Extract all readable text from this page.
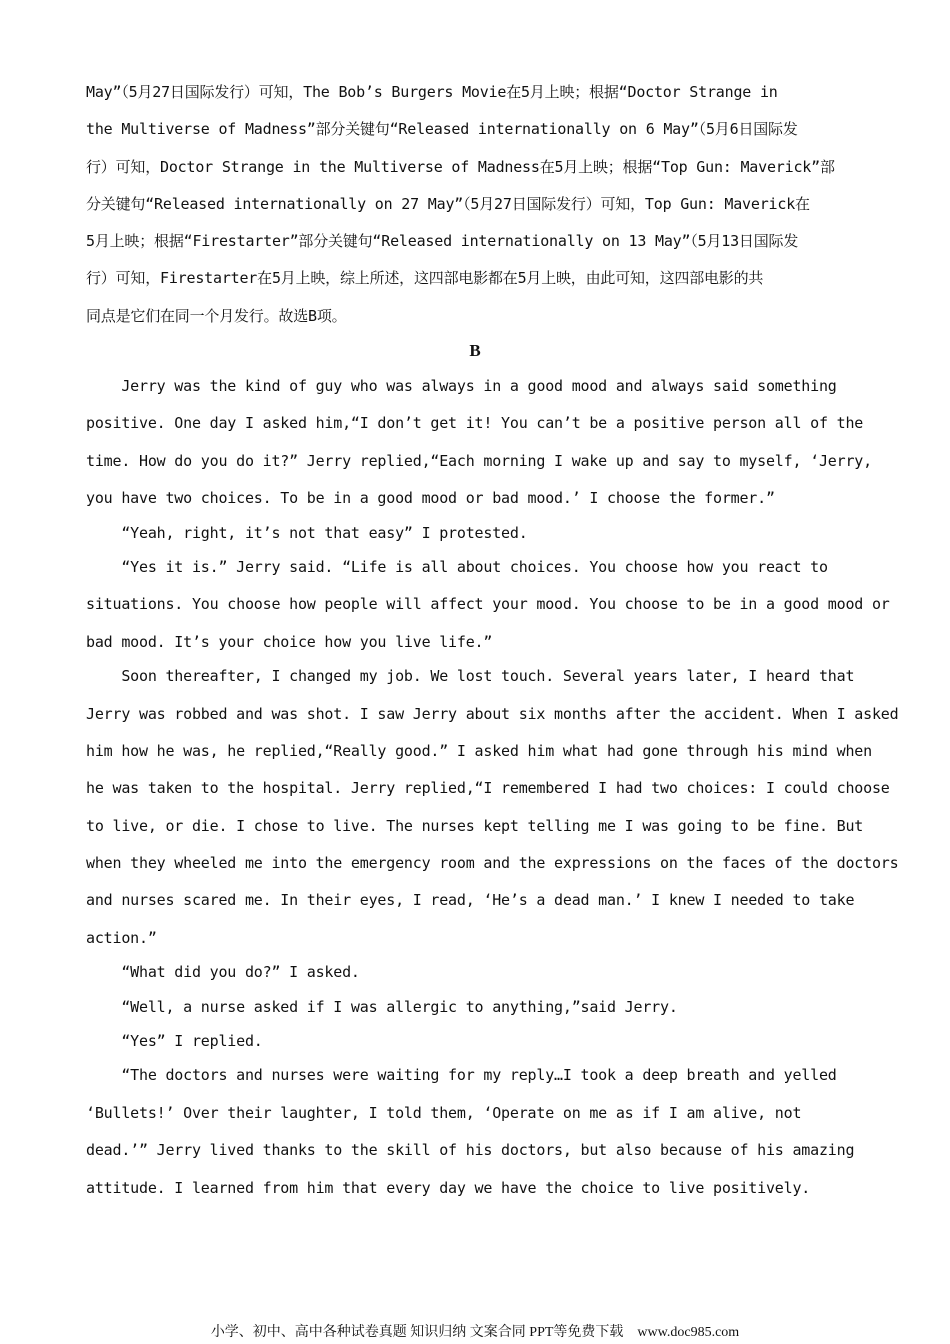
May”（5月27日国际发行）可知，The Bob’s Burgers Movie在5月上映；根据“Doctor Strange in
the Multiverse of Madness”部分关键句“Released internationally on 6 May”（5月6日国际发
行）可知，Doctor Strange in the Multiverse of Madness在5月上映；根据“Top Gun: Maverick”部
分关键句“Released internationally on 27 May”（5月27日国际发行）可知，Top Gun: Maverick在
5月上映；根据“Firestarter”部分关键句“Released internationally on 13 May”（5月13日国际发
行）可知，Firestarter在5月上映，综上所述，这四部电影都在5月上映，由此可知，这四部电影的共
同点是它们在同一个月发行。故选B项。
B
Jerry was the kind of guy who was always in a good mood and always said something
positive. One day I asked him,“I don’t get it! You can’t be a positive person all of the
time. How do you do it?” Jerry replied,“Each morning I wake up and say to myself, ‘Jerry,
you have two choices. To be in a good mood or bad mood.’ I choose the former.”
“Yeah, right, it’s not that easy” I protested.
“Yes it is.” Jerry said. “Life is all about choices. You choose how you react to
situations. You choose how people will affect your mood. You choose to be in a good mood or
bad mood. It’s your choice how you live life.”
Soon thereafter, I changed my job. We lost touch. Several years later, I heard that
Jerry was robbed and was shot. I saw Jerry about six months after the accident. When I asked
him how he was, he replied,“Really good.” I asked him what had gone through his mind when
he was taken to the hospital. Jerry replied,“I remembered I had two choices: I could choose
to live, or die. I chose to live. The nurses kept telling me I was going to be fine. But
when they wheeled me into the emergency room and the expressions on the faces of the doctors
and nurses scared me. In their eyes, I read, ‘He’s a dead man.’ I knew I needed to take
action.”
“What did you do?” I asked.
“Well, a nurse asked if I was allergic to anything,”said Jerry.
“Yes” I replied.
“The doctors and nurses were waiting for my reply…I took a deep breath and yelled
‘Bullets!’ Over their laughter, I told them, ‘Operate on me as if I am alive, not
dead.’” Jerry lived thanks to the skill of his doctors, but also because of his amazing
attitude. I learned from him that every day we have the choice to live positively.
小学、初中、高中各种试卷真题 知识归纳 文案合同 PPT等免费下载    www.doc985.com
